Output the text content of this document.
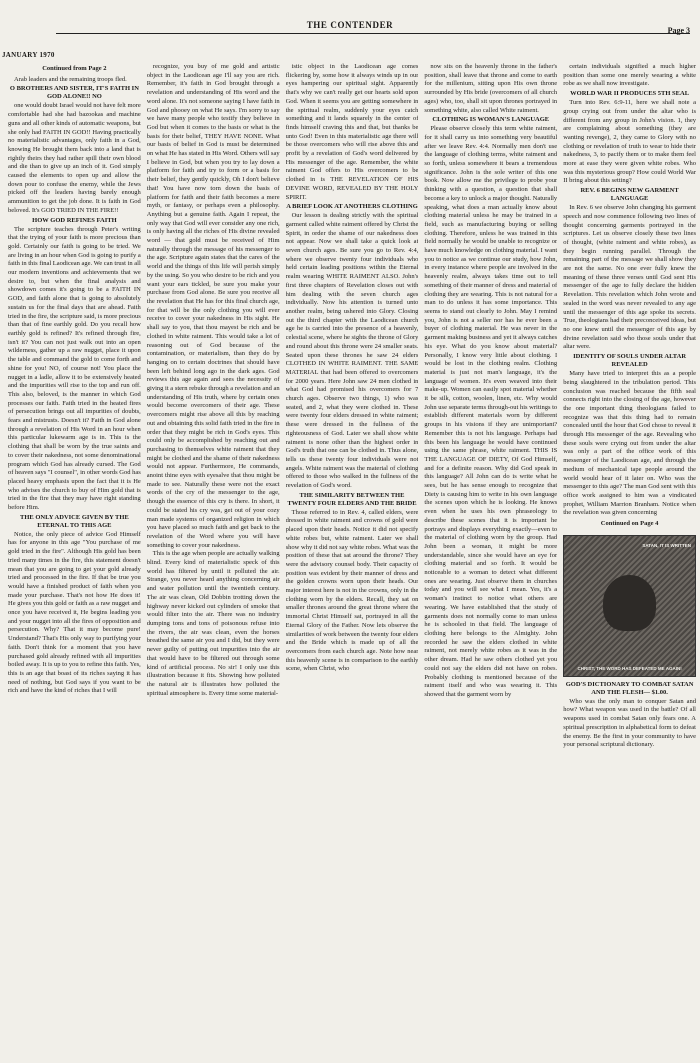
THE CONTENDER
Page 3
JANUARY 1970

Continued from Page 2

Arab leaders and the remaining troops fled.

O BROTHERS AND SISTER, IT'S FAITH IN GOD ALONE!! NO

one would doubt Israel would not have felt more comfortable had she had bazookas and machine guns and all other kinds of automatic weapons, but she only had FAITH IN GOD!! Having practically no materialistic advantages, only faith in a God, knowing He brought them back into a land that is rightly theirs they had rather spill their own blood and die than to give up an inch of it. God simply caused the elements to open up and allow the down pour to confuse the enemy, while the Jews picked off the leaders having barely enough ammunition to get the job done. It is faith in God beloved. It's GOD TRIED IN THE FIRE!!

HOW GOD REFINES FAITH

The scripture teaches through Peter's writing that the trying of your faith is more precious than gold. Certainly our faith is going to be tried. We are living in an hour when God is going to purify a faith in this final Laodicean age. We can trust in all our modern inventions and achievements that we desire to, but when the final analysis and showdown comes it's going to be a FAITH IN GOD, and faith alone that is going to absolutely sustain us for the final days that are ahead. Faith tried in the fire, the scripture said, is more precious than that of fine earthly gold. Do you recall how earthly gold is refined? It's refined through fire, isn't it? You can not just walk out into an open wilderness, gather up a raw nugget, place it upon the table and command the gold to come forth and shine for you! NO, of course not! You place the nugget in a ladle, allow it to be extensively heated and the impurities will rise to the top and run off. This also, beloved, is the manner in which God processes our faith. Faith tried in the heated fires of persecution brings out all impurities of doubts, fears and mistrusts. Doesn't it? Faith in God alone through a revelation of His Word in an hour when this particular lukewarm age is in. This is the clothing that shall be worn by the true saints and to cover their nakedness, not some denominational program which God has already cursed. The God of heaven says "I counsel", in other words God has placed heavy emphasis upon the fact that it is He who advises the church to buy of Him gold that is tried in the fire that they may have right standing before Him.

THE ONLY ADVICE GIVEN BY THE ETERNAL TO THIS AGE

Notice, the only piece of advice God Himself has for anyone in this age "You purchase of me gold tried in the fire". Although His gold has been tried many times in the fire, this statement doesn't mean that you are going to get your gold already tried and processed in the fire. If that be true you would have a finished product of faith when you made your purchase. That's not how He does it! He gives you this gold or faith as a raw nugget and once you have received it, He begins leading you and your nugget into all the fires of opposition and persecution. Why? That it may become pure! Understand? That's His only way to purifying your faith. Don't think for a moment that you have purchased gold already refined with all impurities boiled away. It is up to you to refine this faith. Yes, this is an age that boast of its riches saying it has need of nothing, but God says if you want to be rich and have the kind of riches that I will

recognize, you buy of me gold and artistic object in the Laodicean age I'll say you are rich. Remember, it's faith in God brought through a revelation and understanding of His word and the word alone. It's not someone saying I have faith in God and phooey on what He says. I'm sorry to say we have many people who testify they believe in God but when it comes to the basis or what is the basis for their belief, THEY HAVE NONE. What our basis of belief in God is must be determined on what He has stated in His Word. Others will say I believe in God, but when you try to lay down a platform for faith and try to form or a basis for their belief, they gently quickly, Oh I don't believe that! You have now torn down the basis of platform for faith and their faith becomes a mere myth, or fantasy, or perhaps even a philosophy. Anything but a genuine faith. Again I repeat, the only way that God will ever consider any one rich, is only having all the riches of His divine revealed word — that gold must be received of Him naturally through the message of his messenger to the age. Scripture again states that the cares of the world and the things of this life will perish simply by the using. So you who desire to be rich and you want your ears tickled, be sure you make your purchase from God alone. Be sure you receive all the revelation that He has for this final church age, for that will be the only clothing you will ever receive to cover your nakedness in His sight. He shall say to you, that thou mayest be rich and be clothed in white raiment. This would take a lot of reasoning out of God because of the contamination, or materialism, than they do by hanging on to certain doctrines that should have been left behind long ago in the dark ages. God reviews this age again and sees the necessity of giving it a stern rebuke through a revelation and an understanding of His truth, where by certain ones would become overcomers of their age. These overcomers might rise above all this by reaching out and obtaining this solid faith tried in the fire in order that they might be rich in God's eyes. This could only be accomplished by reaching out and purchasing to themselves white raiment that they might be clothed and the shame of their nakedness would not appear. Furthermore, He commands, anoint thine eyes with eyesalve that thou might be made to see. Naturally these were not the exact words of the cry of the messenger to the age, though the essence of this cry is there. In short, it could be stated his cry was, get out of your cozy man made systems of organized religion in which you have placed so much faith and get back to the revelation of the Word where you will have something to cover your nakedness.

This is the age when people are actually walking blind. Every kind of materialistic speck of this world has filtered by until it polluted the air. Strange, you never heard anything concerning air and water pollution until the twentieth century. The air was clean, Old Dobbin trotting down the highway never kicked out cylinders of smoke that would filter into the air. There was no industry dumping tons and tons of poisonous refuse into the rivers, the air was clean, even the horses breathed the same air you and I did, but they were never guilty of putting out impurities into the air that would have to be filtered out through some kind of artificial process. No sir! I only use this illustration because it fits. Showing how polluted the natural air is illustrates how polluted the spiritual atmosphere is. Every time some material-

istic object in the Laodicean age comes flickering by, some how it always winds up in our eyes hampering our spiritual sight. Apparently that's why we can't really get our hearts sold upon God. When it seems you are getting somewhere in the spiritual realm, suddenly your eyes catch something and it lands squarely in the center of finds himself craving this and that, but thanks be unto God! Even in this materialistic age there will be those overcomers who will rise above this and profit by a revelation of God's word delivered by His messenger of the age. Remember, the white raiment God offers to His overcomers to be clothed in is THE REVELATION OF HIS DEVINE WORD, REVEALED BY THE HOLY SPIRIT.

A BRIEF LOOK AT ANOTHERS CLOTHING

Our lesson is dealing strictly with the spiritual garment called white raiment offered by Christ the Spirit, in order the shame of our nakedness does not appear. Now we shall take a quick look at seven church ages. Be sure you go to Rev. 4:4, where we observe twenty four individuals who held certain leading positions within the Eternal realm wearing WHITE RAIMENT ALSO. John's first three chapters of Revelation closes out with him dealing with the seven church ages individually. Now his attention is turned unto another realm, being ushered into Glory. Closing out the third chapter with the Laodicean church age he is carried into the presence of a heavenly, celestial scene, where he sights the throne of Glory and round about this throne were 24 smaller seats. Seated upon these thrones he saw 24 elders CLOTHED IN WHITE RAIMENT. THE SAME MATERIAL that had been offered to overcomers for 2000 years. Here John saw 24 men clothed in what God had promised his overcomers for 7 church ages. Observe two things, 1) who was seated, and 2, what they were clothed in. These were twenty four elders dressed in white raiment; these were dressed in the fullness of the righteousness of God. Later we shall show white raiment is none other than the highest order in God's truth that one can be clothed in. Thus alone, tells us these twenty four individuals were not angels. White raiment was the material of clothing offered to those who walked in the fullness of the revelation of God's word.

THE SIMILARITY BETWEEN THE TWENTY FOUR ELDERS AND THE BRIDE

Those referred to in Rev. 4, called elders, were dressed in white raiment and crowns of gold were placed upon their heads. Notice it did not specify white robes but, white raiment. Later we shall show why it did not say white robes. What was the position of these that sat around the throne? They were the advisory counsel body. Their capacity of position was evident by their manner of dress and the golden crowns worn upon their heads. Our major interest here is not in the crowns, only in the clothing worn by the elders. Recall, they sat on smaller thrones around the great throne where the immortal Christ Himself sat, portrayed in all the Eternal Glory of the Father. Now lets observe the similarities of work between the twenty four elders and the Bride which is made up of all the overcomers from each church age. Note how near this heavenly scene is in comparison to the earthly scene, when Christ, who

now sits on the heavenly throne in the father's position, shall leave that throne and come to earth for the millenium, sitting upon His own throne surrounded by His bride (overcomers of all church ages) who, too, shall sit upon thrones portrayed in something white, also called White raiment.

CLOTHING IS WOMAN'S LANGUAGE

Please observe closely this term white raiment, for it shall carry us into something very beautiful after we leave Rev. 4:4. Normally men don't use the language of clothing terms, white raiment and so forth, unless somewhere it bears a tremendous significance. John is the sole writer of this one book. Now allow me the privilege to probe your thinking with a question, a question that shall become a key to unlock a major thought. Naturally speaking, what does a man actually know about clothing material unless he may be trained in a field, such as manufacturing buying or selling clothing. Therefore, unless he was trained in this field normally he would be unable to recognize or have much knowledge on clothing material. I want you to notice as we continue our study, how John, in every instance where people are involved in the heavenly realm, always takes time out to tell something of their manner of dress and material of clothing they are wearing. This is not natural for a man to do unless it has some importance. This seems to stand out clearly to John. May I remind you, John is not a seller nor has he ever been a buyer of clothing material. He was never in the garment making business and yet it always catches his eye. What do you know about material? Personally, I know very little about clothing. I would be lost in the clothing realm. Clothing material is just not man's language, it's the language of women. It's even weaved into their make-up. Women can easily spot material whether it be silk, cotton, woolen, linen, etc. Why would John use separate terms through-out his writings to establish different materials worn by different groups in his visions if they are unimportant? Remember this is not his language. Perhaps had this been his language he would have continued using the same phrase, white raiment. THIS IS THE LANGUAGE OF DIETY, Of God Himself, and for a definite reason. Why did God speak in this language? All John can do is write what he sees, but he has sense enough to recognize that Diety is causing him to write in his own language the scenes upon which he is looking. He knows even when he uses his own phraseology to describe these scenes that it is important he portrays and displays everything exactly—even to the material of clothing worn by the group. Had John been a woman, it might be more understandable, since she would have an eye for clothing material and so forth. It would be noticeable to a woman to detect what different ones are wearing. Just observe them in churches today and you will see what I mean. Yes, it's a woman's instinct to notice what others are wearing. We have established that the study of garments does not normally come to man unless he is schooled in that field. The language of clothing here belongs to the Almighty. John recorded he saw the elders clothed in white raiment, not merely white robes as it was in the other dream. Had he saw others clothed yet you could not say the elders did not have on robes. Probably clothing is mentioned because of the raiment itself and who was wearing it. This showed that the garment worn by

certain individuals signified a much higher position than some one merely wearing a white robe as we shall now investigate.

WORLD WAR II PRODUCES 5TH SEAL

Turn into Rev. 6:9-11, here we shall note a group crying out from under the altar who is different from any group in John's vision. 1, they are complaining about something (they are wanting revenge), 2, they came to Glory with no clothing or revelation of truth to wear to hide their nakedness, 3, to pacify them or to make them feel more at ease they were given white robes. Who was this mysterious group? How could World War II bring about this setting?

REV. 6 BEGINS NEW GARMENT LANGUAGE

In Rev. 6 we observe John changing his garment speech and now commence following two lines of thought concerning garments portrayed in the scriptures. Let us observe closely these two lines of thought, (white raiment and white robes), as they begin running parallel. Through the remaining part of the message we shall show they are not the same. No one ever fully knew the meaning of these three verses until God sent His messenger of the age to fully declare the hidden Revelation. This revelation which John wrote and sealed in the word was never revealed to any age until the messenger of this age spoke its secrets. True, theologians had their preconceived ideas, but no one knew until the messenger of this age by divine revelation said who those souls under that altar were.

IDENTITY OF SOULS UNDER ALTAR REVEALED

Many have tried to interpret this as a people being slaughtered in the tribulation period. This conclusion was reached because the fifth seal connects right into the closing of the age, however the one important thing theologians failed to recognize was that this thing had to remain concealed until the hour that God chose to reveal it through His messenger of the age. Revealing who these souls were crying out from under the altar was only a part of the office work of this messenger of the Laodicean age, and through the medium of mechanical tape people around the world would hear of it later on. Who was the messenger to this age? The man God sent with this office work assigned to him was a vindicated prophet, William Marrion Branham. Notice when the revelation was given concerning

Continued on Page 4

SATAN, IT IS WRITTEN
CHRIST, THE WORD HAS DEFEATED ME AGAIN!
GOD'S DICTIONARY TO COMBAT SATAN AND THE FLESH— $1.00.

Who was the only man to conquer Satan and how? What weapon was used in the battle? Of all weapons used in combat Satan only fears one. A spiritual prescription in alphabetical form to defeat the enemy. Be the first in your community to have your personal scriptural dictionary.
